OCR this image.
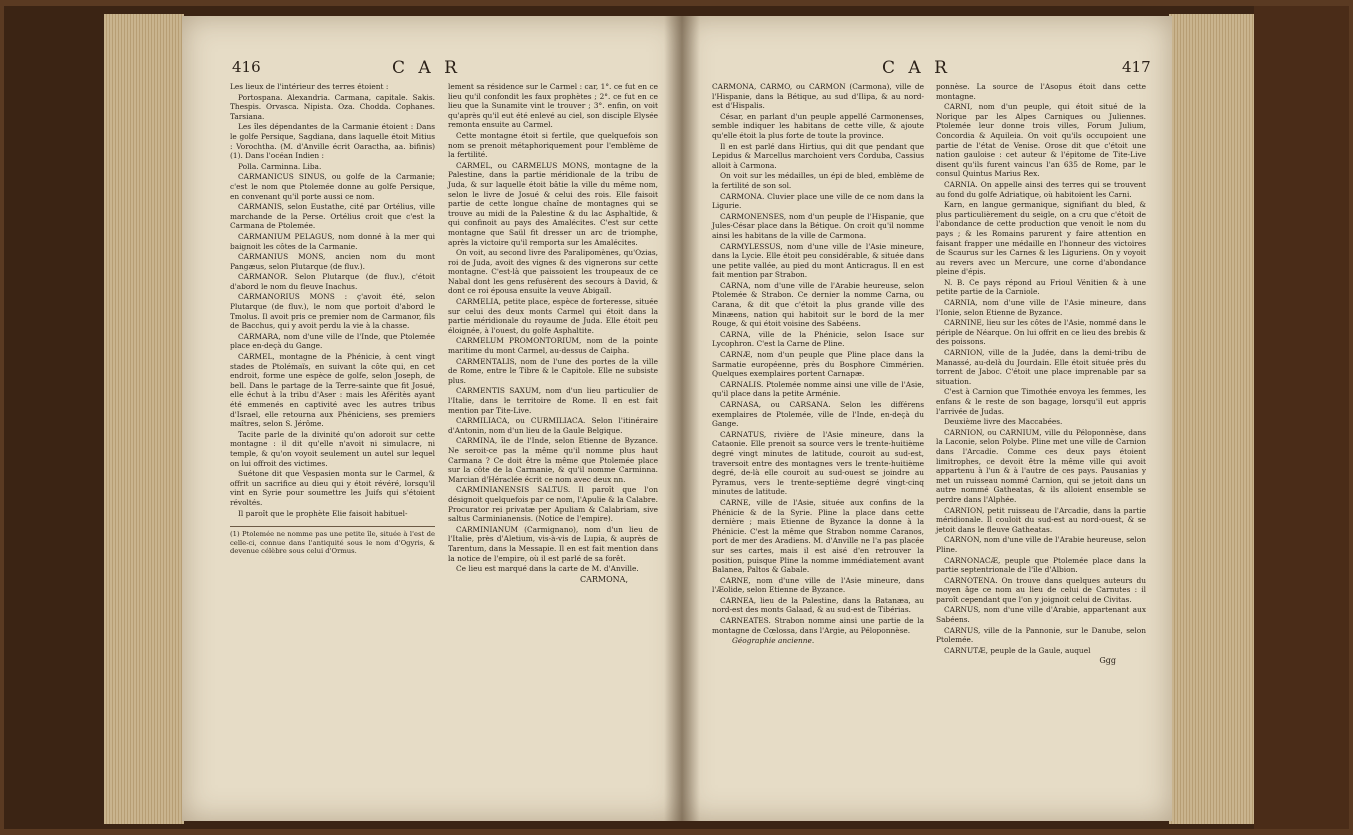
416	C A R

Les lieux de l'intérieur des terres étoient :

Portospana. Alexandria. Carmana, capitale. Sakis. Thespis. Orvasca. Nipista. Oza. Chodda. Cophanes. Tarsiana.

Les îles dépendantes de la Carmanie étoient : Dans le golfe Persique, Sagdiana, dans laquelle étoit Mitius : Vorochtha. (M. d'Anville écrit Oaractha, aa. bifinis) (1). Dans l'océan Indien :

Polla. Carminna. Liba.

CARMANICUS SINUS, ou golfe de la Carmanie; c'est le nom que Ptolemée donne au golfe Persique, en convenant qu'il porte aussi ce nom.

CARMANIS, selon Eustathe, cité par Ortélius, ville marchande de la Perse. Ortélius croit que c'est la Carmana de Ptolemée.

CARMANIUM PELAGUS, nom donné à la mer qui baignoit les côtes de la Carmanie.

CARMANIUS MONS, ancien nom du mont Pangæus, selon Plutarque (de fluv.).

CARMANOR. Selon Plutarque (de fluv.), c'étoit d'abord le nom du fleuve Inachus.

CARMANORIUS MONS : ç'avoit été, selon Plutarque (de fluv.), le nom que portoit d'abord le Tmolus. Il avoit pris ce premier nom de Carmanor, fils de Bacchus, qui y avoit perdu la vie à la chasse.

CARMARA, nom d'une ville de l'Inde, que Ptolemée place en-deçà du Gange.

CARMEL, montagne de la Phénicie, à cent vingt stades de Ptolémaïs, en suivant la côte qui, en cet endroit, forme une espèce de golfe, selon Joseph, de bell. Dans le partage de la Terre-sainte que fit Josué, elle échut à la tribu d'Aser : mais les Aféritès ayant été emmenés en captivité avec les autres tribus d'Israel, elle retourna aux Phéniciens, ses premiers maîtres, selon S. Jérôme.

Tacite parle de la divinité qu'on adoroit sur cette montagne : il dit qu'elle n'avoit ni simulacre, ni temple, & qu'on voyoit seulement un autel sur lequel on lui offroit des victimes.

Suétone dit que Vespasien monta sur le Carmel, & offrit un sacrifice au dieu qui y étoit révéré, lorsqu'il vint en Syrie pour soumettre les Juifs qui s'étoient révoltés.

Il paroît que le prophète Elie faisoit habituel-

(1) Ptolemée ne nomme pas une petite île, située à l'est de celle-ci, connue dans l'antiquité sous le nom d'Ogyris, & devenue célèbre sous celui d'Ormus.

lement sa résidence sur le Carmel : car, 1°. ce fut en ce lieu qu'il confondit les faux prophètes ; 2°. ce fut en ce lieu que la Sunamite vint le trouver ; 3°. enfin, on voit qu'après qu'il eut été enlevé au ciel, son disciple Elysée remonta ensuite au Carmel.

Cette montagne étoit si fertile, que quelquefois son nom se prenoit métaphoriquement pour l'emblème de la fertilité.

CARMEL, ou CARMELUS MONS, montagne de la Palestine, dans la partie méridionale de la tribu de Juda, & sur laquelle étoit bâtie la ville du même nom, selon le livre de Josué & celui des rois. Elle faisoit partie de cette longue chaîne de montagnes qui se trouve au midi de la Palestine & du lac Asphaltide, & qui confinoit au pays des Amalécites. C'est sur cette montagne que Saül fit dresser un arc de triomphe, après la victoire qu'il remporta sur les Amalécites.

On voit, au second livre des Paralipomènes, qu'Ozias, roi de Juda, avoit des vignes & des vignerons sur cette montagne. C'est-là que paissoient les troupeaux de ce Nabal dont les gens refusèrent des secours à David, & dont ce roi épousa ensuite la veuve Abigaïl.

CARMELIA, petite place, espèce de forteresse, située sur celui des deux monts Carmel qui étoit dans la partie méridionale du royaume de Juda. Elle étoit peu éloignée, à l'ouest, du golfe Asphaltite.

CARMELUM PROMONTORIUM, nom de la pointe maritime du mont Carmel, au-dessus de Caipha.

CARMENTALIS, nom de l'une des portes de la ville de Rome, entre le Tibre & le Capitole. Elle ne subsiste plus.

CARMENTIS SAXUM, nom d'un lieu particulier de l'Italie, dans le territoire de Rome. Il en est fait mention par Tite-Live.

CARMILIACA, ou CURMILIACA. Selon l'itinéraire d'Antonin, nom d'un lieu de la Gaule Belgique.

CARMINA, île de l'Inde, selon Etienne de Byzance. Ne seroit-ce pas la même qu'il nomme plus haut Carmana ? Ce doit être la même que Ptolemée place sur la côte de la Carmanie, & qu'il nomme Carminna. Marcian d'Héraclée écrit ce nom avec deux nn.

CARMINIANENSIS SALTUS. Il paroît que l'on désignoit quelquefois par ce nom, l'Apulie & la Calabre. Procurator rei privatæ per Apuliam & Calabriam, sive saltus Carminianensis. (Notice de l'empire).

CARMINIANUM (Carmignano), nom d'un lieu de l'Italie, près d'Aletium, vis-à-vis de Lupia, & auprès de Tarentum, dans la Messapie. Il en est fait mention dans la notice de l'empire, où il est parlé de sa forêt.

Ce lieu est marqué dans la carte de M. d'Anville.

CARMONA,
C A R	417

CARMONA, CARMO, ou CARMON (Carmona), ville de l'Hispanie, dans la Bétique, au sud d'Ilipa, & au nord-est d'Hispalis.

César, en parlant d'un peuple appellé Carmonenses, semble indiquer les habitans de cette ville, & ajoute qu'elle étoit la plus forte de toute la province.

Il en est parlé dans Hirtius, qui dit que pendant que Lepidus & Marcellus marchoient vers Corduba, Cassius alloit à Carmona.

On voit sur les médailles, un épi de bled, emblème de la fertilité de son sol.

CARMONA. Cluvier place une ville de ce nom dans la Ligurie.

CARMONENSES, nom d'un peuple de l'Hispanie, que Jules-César place dans la Bétique. On croit qu'il nomme ainsi les habitans de la ville de Carmona.

CARMYLESSUS, nom d'une ville de l'Asie mineure, dans la Lycie. Elle étoit peu considérable, & située dans une petite vallée, au pied du mont Anticragus. Il en est fait mention par Strabon.

CARNA, nom d'une ville de l'Arabie heureuse, selon Ptolemée & Strabon. Ce dernier la nomme Carna, ou Carana, & dit que c'étoit la plus grande ville des Minæens, nation qui habitoit sur le bord de la mer Rouge, & qui étoit voisine des Sabéens.

CARNA, ville de la Phénicie, selon Isace sur Lycophron. C'est la Carne de Pline.

CARNÆ, nom d'un peuple que Pline place dans la Sarmatie européenne, près du Bosphore Cimmérien. Quelques exemplaires portent Carnapæ.

CARNALIS. Ptolemée nomme ainsi une ville de l'Asie, qu'il place dans la petite Arménie.

CARNASA, ou CARSANA. Selon les différens exemplaires de Ptolemée, ville de l'Inde, en-deçà du Gange.

CARNATUS, rivière de l'Asie mineure, dans la Cataonie. Elle prenoit sa source vers le trente-huitième degré vingt minutes de latitude, couroit au sud-est, traversoit entre des montagnes vers le trente-huitième degré, de-là elle couroit au sud-ouest se joindre au Pyramus, vers le trente-septième degré vingt-cinq minutes de latitude.

CARNE, ville de l'Asie, située aux confins de la Phénicie & de la Syrie. Pline la place dans cette dernière ; mais Etienne de Byzance la donne à la Phénicie. C'est la même que Strabon nomme Caranos, port de mer des Aradiens. M. d'Anville ne l'a pas placée sur ses cartes, mais il est aisé d'en retrouver la position, puisque Pline la nomme immédiatement avant Balanea, Paltos & Gabale.

CARNE, nom d'une ville de l'Asie mineure, dans l'Æolide, selon Etienne de Byzance.

CARNEA, lieu de la Palestine, dans la Batanæa, au nord-est des monts Galaad, & au sud-est de Tibérias.

CARNEATES. Strabon nomme ainsi une partie de la montagne de Cœlossa, dans l'Argie, au Péloponnèse.

Géographie ancienne.

ponnèse. La source de l'Asopus étoit dans cette montagne.

CARNI, nom d'un peuple, qui étoit situé de la Norique par les Alpes Carniques ou Juliennes. Ptolemée leur donne trois villes, Forum Julium, Concordia & Aquileia. On voit qu'ils occupoient une partie de l'état de Venise. Orose dit que c'étoit une nation gauloise : cet auteur & l'épitome de Tite-Live disent qu'ils furent vaincus l'an 635 de Rome, par le consul Quintus Marius Rex.

CARNIA. On appelle ainsi des terres qui se trouvent au fond du golfe Adriatique, où habitoient les Carni.

Karn, en langue germanique, signifiant du bled, & plus particulièrement du seigle, on a cru que c'étoit de l'abondance de cette production que venoit le nom du pays ; & les Romains parurent y faire attention en faisant frapper une médaille en l'honneur des victoires de Scaurus sur les Carnes & les Liguriens. On y voyoit au revers avec un Mercure, une corne d'abondance pleine d'épis.

N. B. Ce pays répond au Frioul Vénitien & à une petite partie de la Carniole.

CARNIA, nom d'une ville de l'Asie mineure, dans l'Ionie, selon Etienne de Byzance.

CARNINE, lieu sur les côtes de l'Asie, nommé dans le périple de Néarque. On lui offrit en ce lieu des brebis & des poissons.

CARNION, ville de la Judée, dans la demi-tribu de Manassé, au-delà du Jourdain. Elle étoit située près du torrent de Jaboc. C'étoit une place imprenable par sa situation.

C'est à Carnion que Timothée envoya les femmes, les enfans & le reste de son bagage, lorsqu'il eut appris l'arrivée de Judas.

Deuxième livre des Maccabées.

CARNION, ou CARNIUM, ville du Péloponnèse, dans la Laconie, selon Polybe. Pline met une ville de Carnion dans l'Arcadie. Comme ces deux pays étoient limitrophes, ce devoit être la même ville qui avoit appartenu à l'un & à l'autre de ces pays. Pausanias y met un ruisseau nommé Carnion, qui se jetoit dans un autre nommé Gatheatas, & ils alloient ensemble se perdre dans l'Alphée.

CARNION, petit ruisseau de l'Arcadie, dans la partie méridionale. Il couloit du sud-est au nord-ouest, & se jetoit dans le fleuve Gatheatas.

CARNON, nom d'une ville de l'Arabie heureuse, selon Pline.

CARNONACÆ, peuple que Ptolemée place dans la partie septentrionale de l'île d'Albion.

CARNOTENA. On trouve dans quelques auteurs du moyen âge ce nom au lieu de celui de Carnutes : il paroît cependant que l'on y joignoit celui de Civitas.

CARNUS, nom d'une ville d'Arabie, appartenant aux Sabéens.

CARNUS, ville de la Pannonie, sur le Danube, selon Ptolemée.

CARNUTÆ, peuple de la Gaule, auquel

Ggg
